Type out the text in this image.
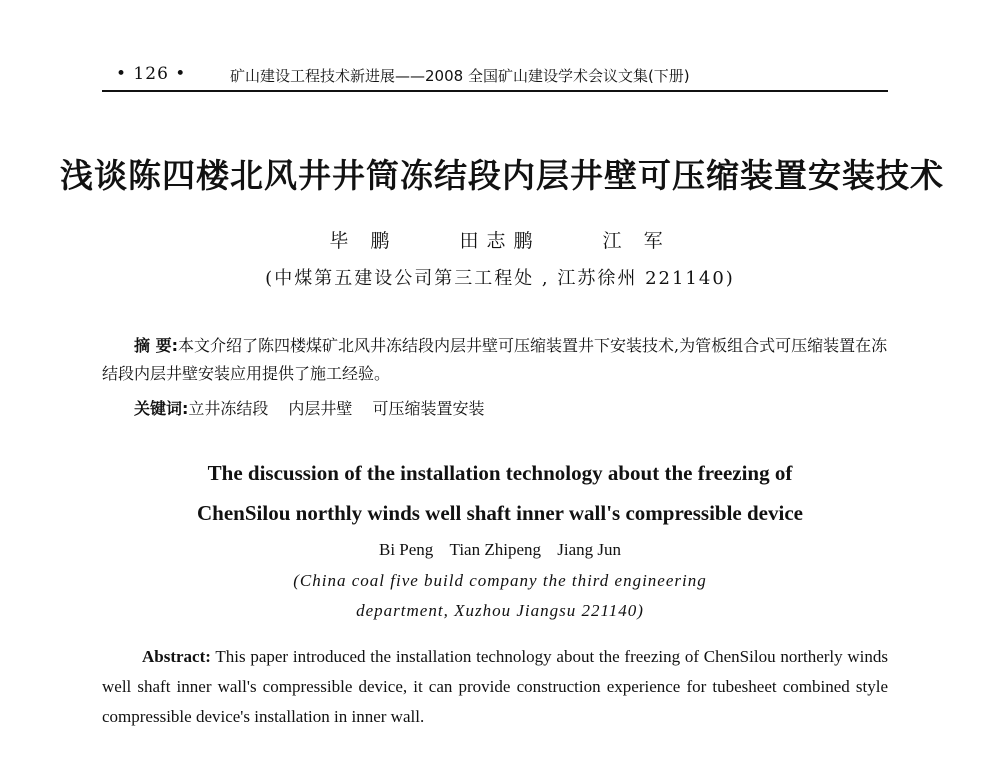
• 126 •	矿山建设工程技术新进展——2008 全国矿山建设学术会议文集(下册)
浅谈陈四楼北风井井筒冻结段内层井壁可压缩装置安装技术
毕 鹏	田志鹏	江 军
(中煤第五建设公司第三工程处 , 江苏徐州 221140)

摘 要:本文介绍了陈四楼煤矿北风井冻结段内层井壁可压缩装置井下安装技术,为管板组合式可压缩装置在冻结段内层井壁安装应用提供了施工经验。

关键词:立井冻结段 内层井壁 可压缩装置安装
The discussion of the installation technology about the freezing of
ChenSilou northly winds well shaft inner wall's compressible device
Bi Peng Tian Zhipeng Jiang Jun
(China coal five build company the third engineering
department, Xuzhou Jiangsu 221140)

Abstract: This paper introduced the installation technology about the freezing of ChenSilou northerly winds well shaft inner wall's compressible device, it can provide construction experience for tubesheet combined style compressible device's installation in inner wall.
